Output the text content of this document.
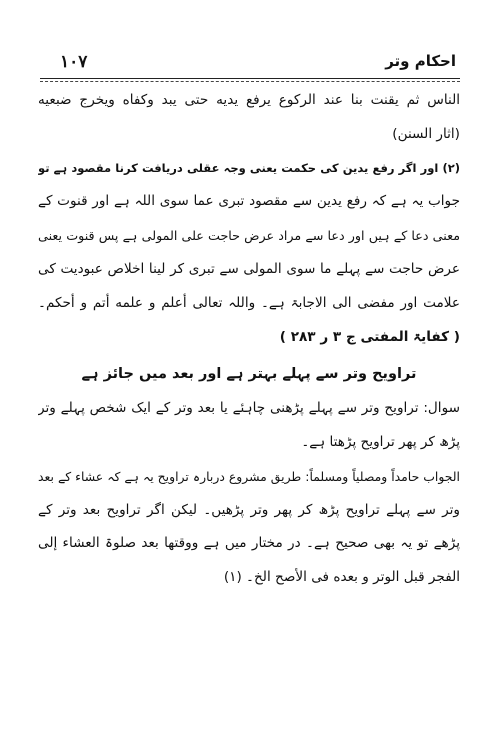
١٠٧	احکام وتر
الناس ثم یقنت بنا عند الرکوع یرفع یدیه حتی یبد وکفاه ویخرج ضبعیه
(اثار السنن)
(۲) اور اگر رفع یدین کی حکمت یعنی وجہ عقلی دریافت کرنا مقصود ہے تو
جواب یہ ہے کہ رفع یدین سے مقصود تبری عما سوی اللہ ہے اور قنوت کے
معنی دعا کے ہیں اور دعا سے مراد عرض حاجت علی المولی ہے پس قنوت یعنی
عرض حاجت سے پہلے ما سوی المولی سے تبری کر لینا اخلاص عبودیت کی
علامت اور مفضی الی الاجابۃ ہے۔ واللہ تعالی أعلم و علمه أتم و أحکم۔
( کفایۃ المفتی ج ۳ ر ۲۸۳ )
تراویح وتر سے پہلے بہتر ہے اور بعد میں جائز ہے
سوال: تراویح وتر سے پہلے پڑھنی چاہئے یا بعد وتر کے ایک شخص پہلے وتر
پڑھ کر پھر تراویح پڑھتا ہے۔
الجواب حامداً ومصلیاً ومسلماً: طریق مشروع دربارہ تراویح یہ ہے کہ عشاء کے بعد
وتر سے پہلے تراویح پڑھ کر پھر وتر پڑھیں۔ لیکن اگر تراویح بعد وتر کے
پڑھے تو یہ بھی صحیح ہے۔ در مختار میں ہے ووقتها بعد صلوۃ العشاء إلی
الفجر قبل الوتر و بعده فی الأصح الخ۔ (۱)
